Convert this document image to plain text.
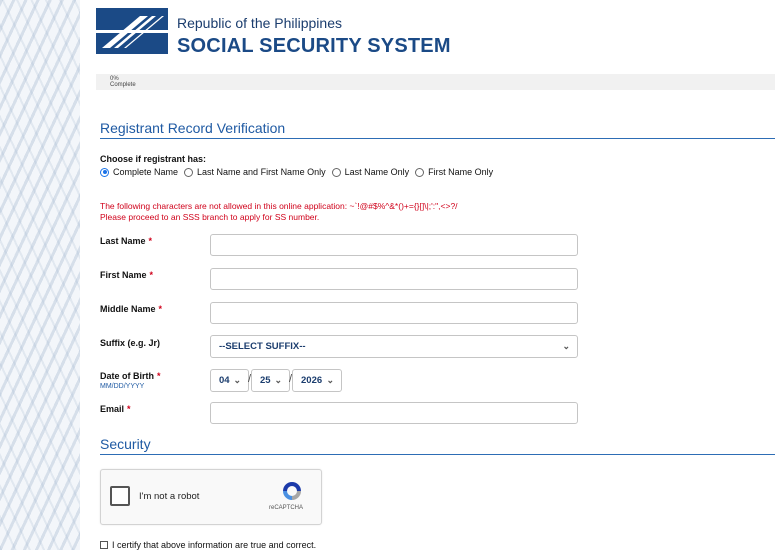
Republic of the Philippines
SOCIAL SECURITY SYSTEM
0%
Complete
Registrant Record Verification
Choose if registrant has:
Complete Name Last Name and First Name Only Last Name Only First Name Only
The following characters are not allowed in this online application: ~`!@#$%^&*()+={}[]\|;':",<>?/
Please proceed to an SSS branch to apply for SS number.
Last Name *
First Name *
Middle Name *
Suffix (e.g. Jr)	--SELECT SUFFIX--	⌄
Date of Birth *
MM/DD/YYYY
04 ⌄ / 25 ⌄ / 2026 ⌄
Email *
Security
I'm not a robot
reCAPTCHA
I certify that above information are true and correct.
